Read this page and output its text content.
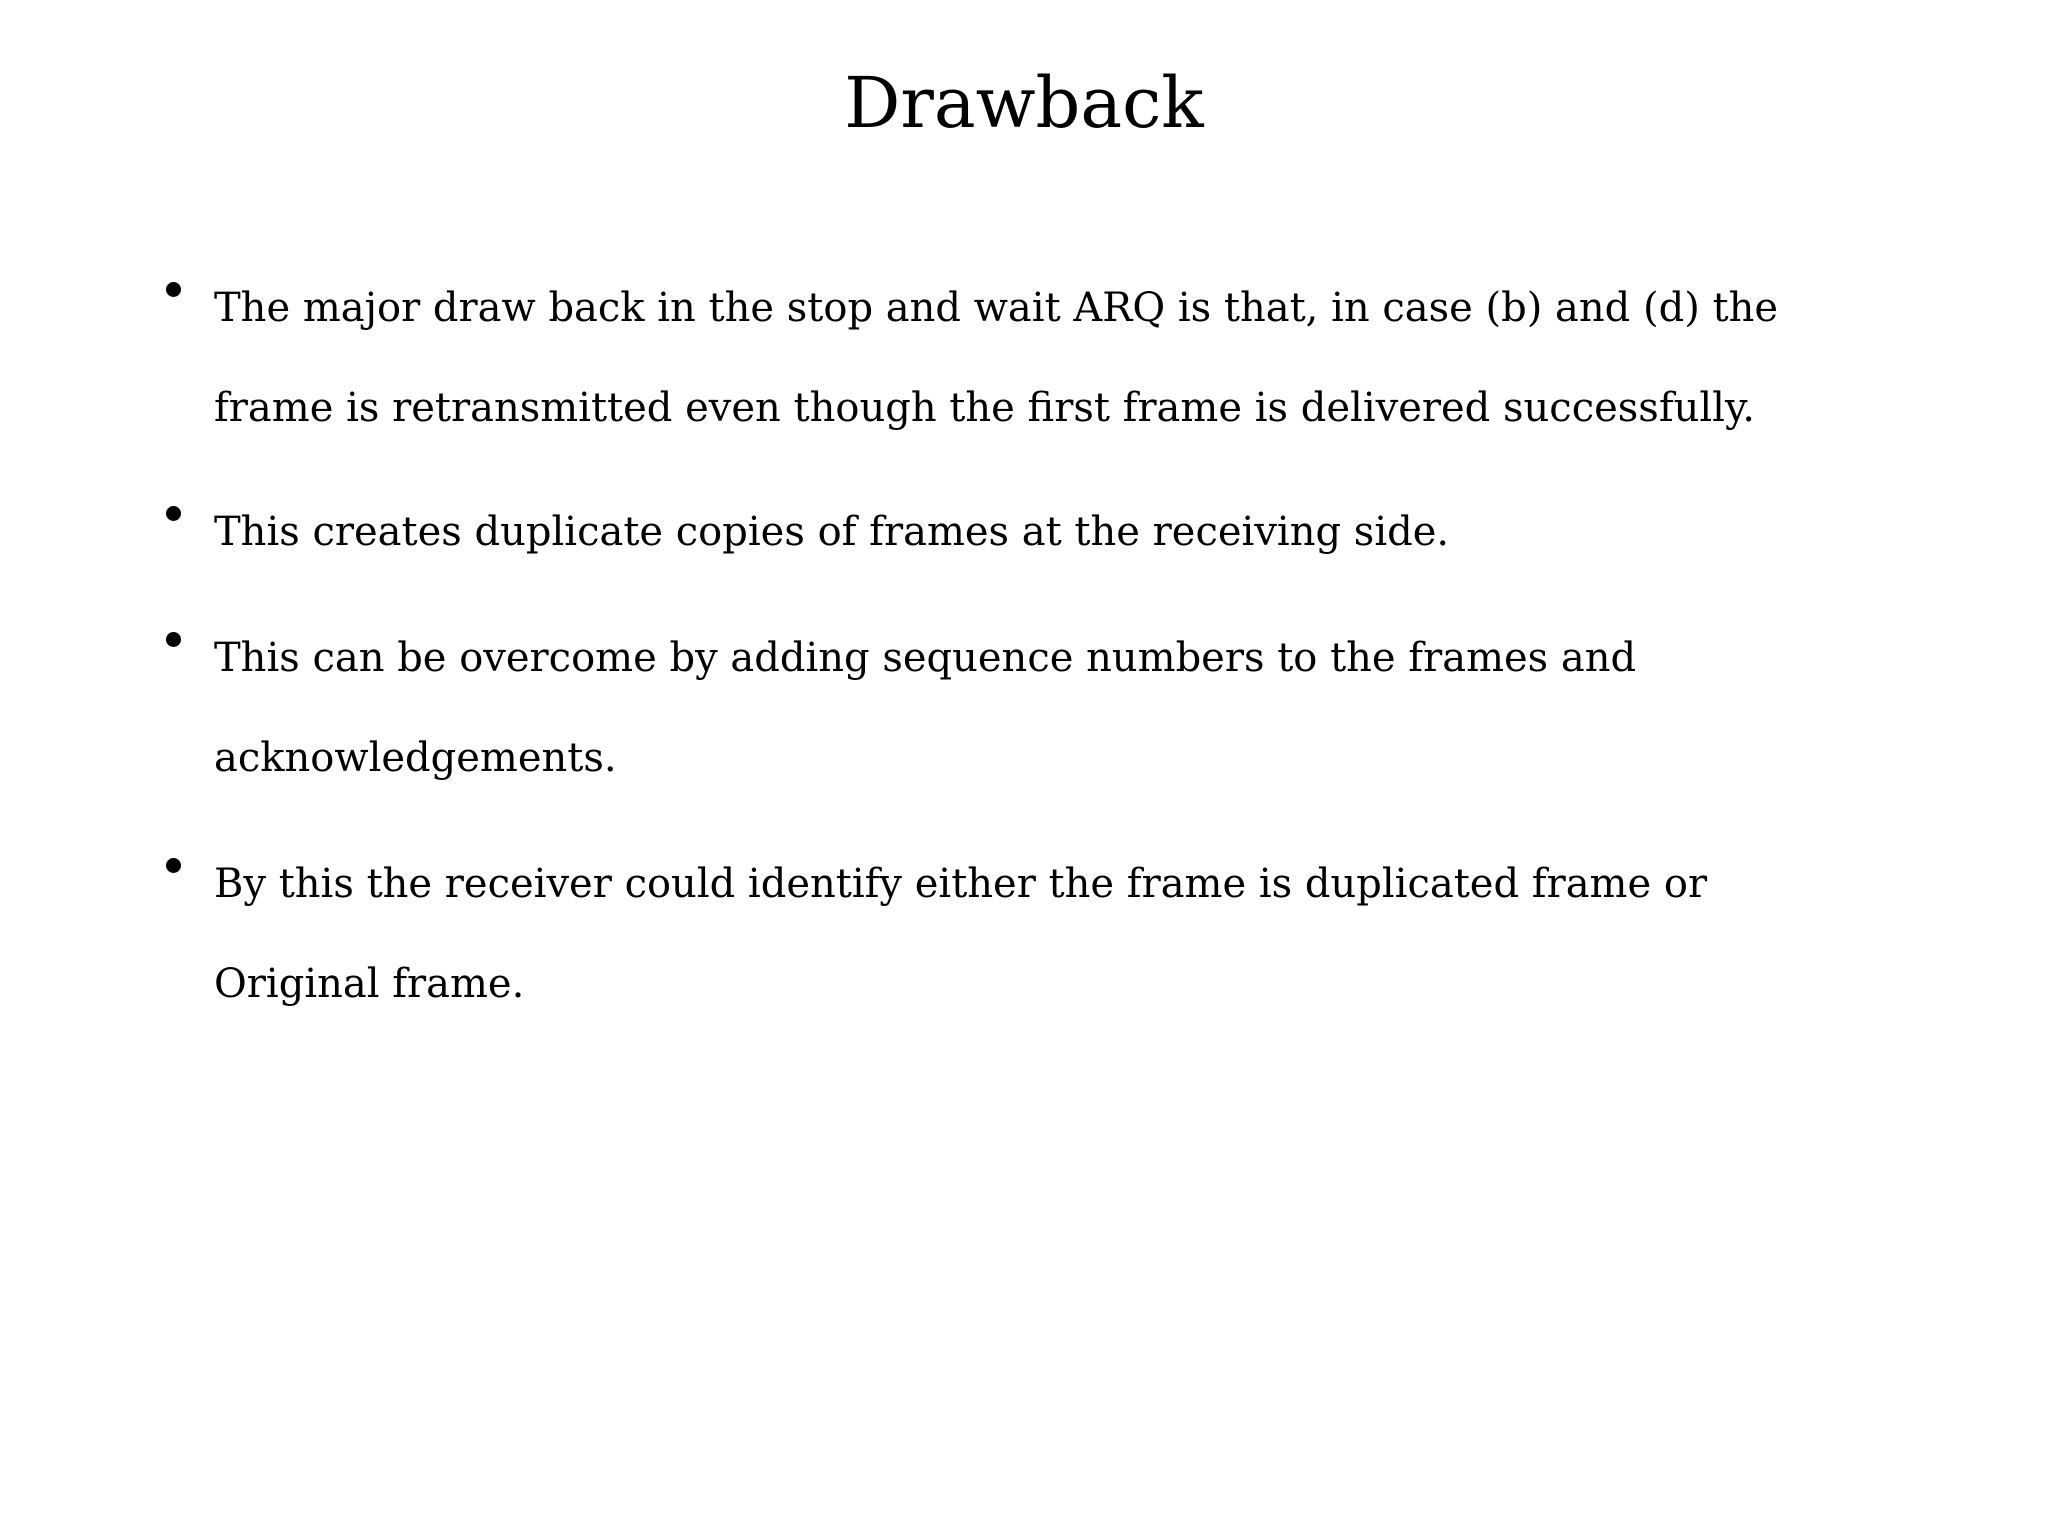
Drawback
The major draw back in the stop and wait ARQ is that, in case (b) and (d) the frame is retransmitted even though the first frame is delivered successfully.
This creates duplicate copies of frames at the receiving side.
This can be overcome by adding sequence numbers to the frames and acknowledgements.
By this the receiver could identify either the frame is duplicated frame or Original frame.
